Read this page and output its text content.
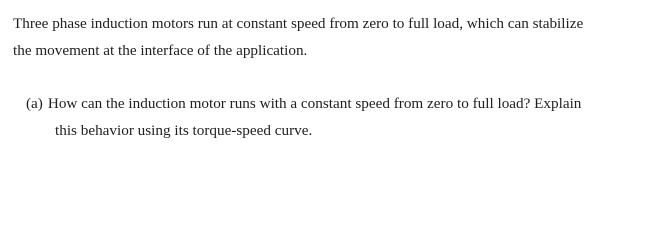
Three phase induction motors run at constant speed from zero to full load, which can stabilize
the movement at the interface of the application.

(a) How can the induction motor runs with a constant speed from zero to full load? Explain
this behavior using its torque-speed curve.
